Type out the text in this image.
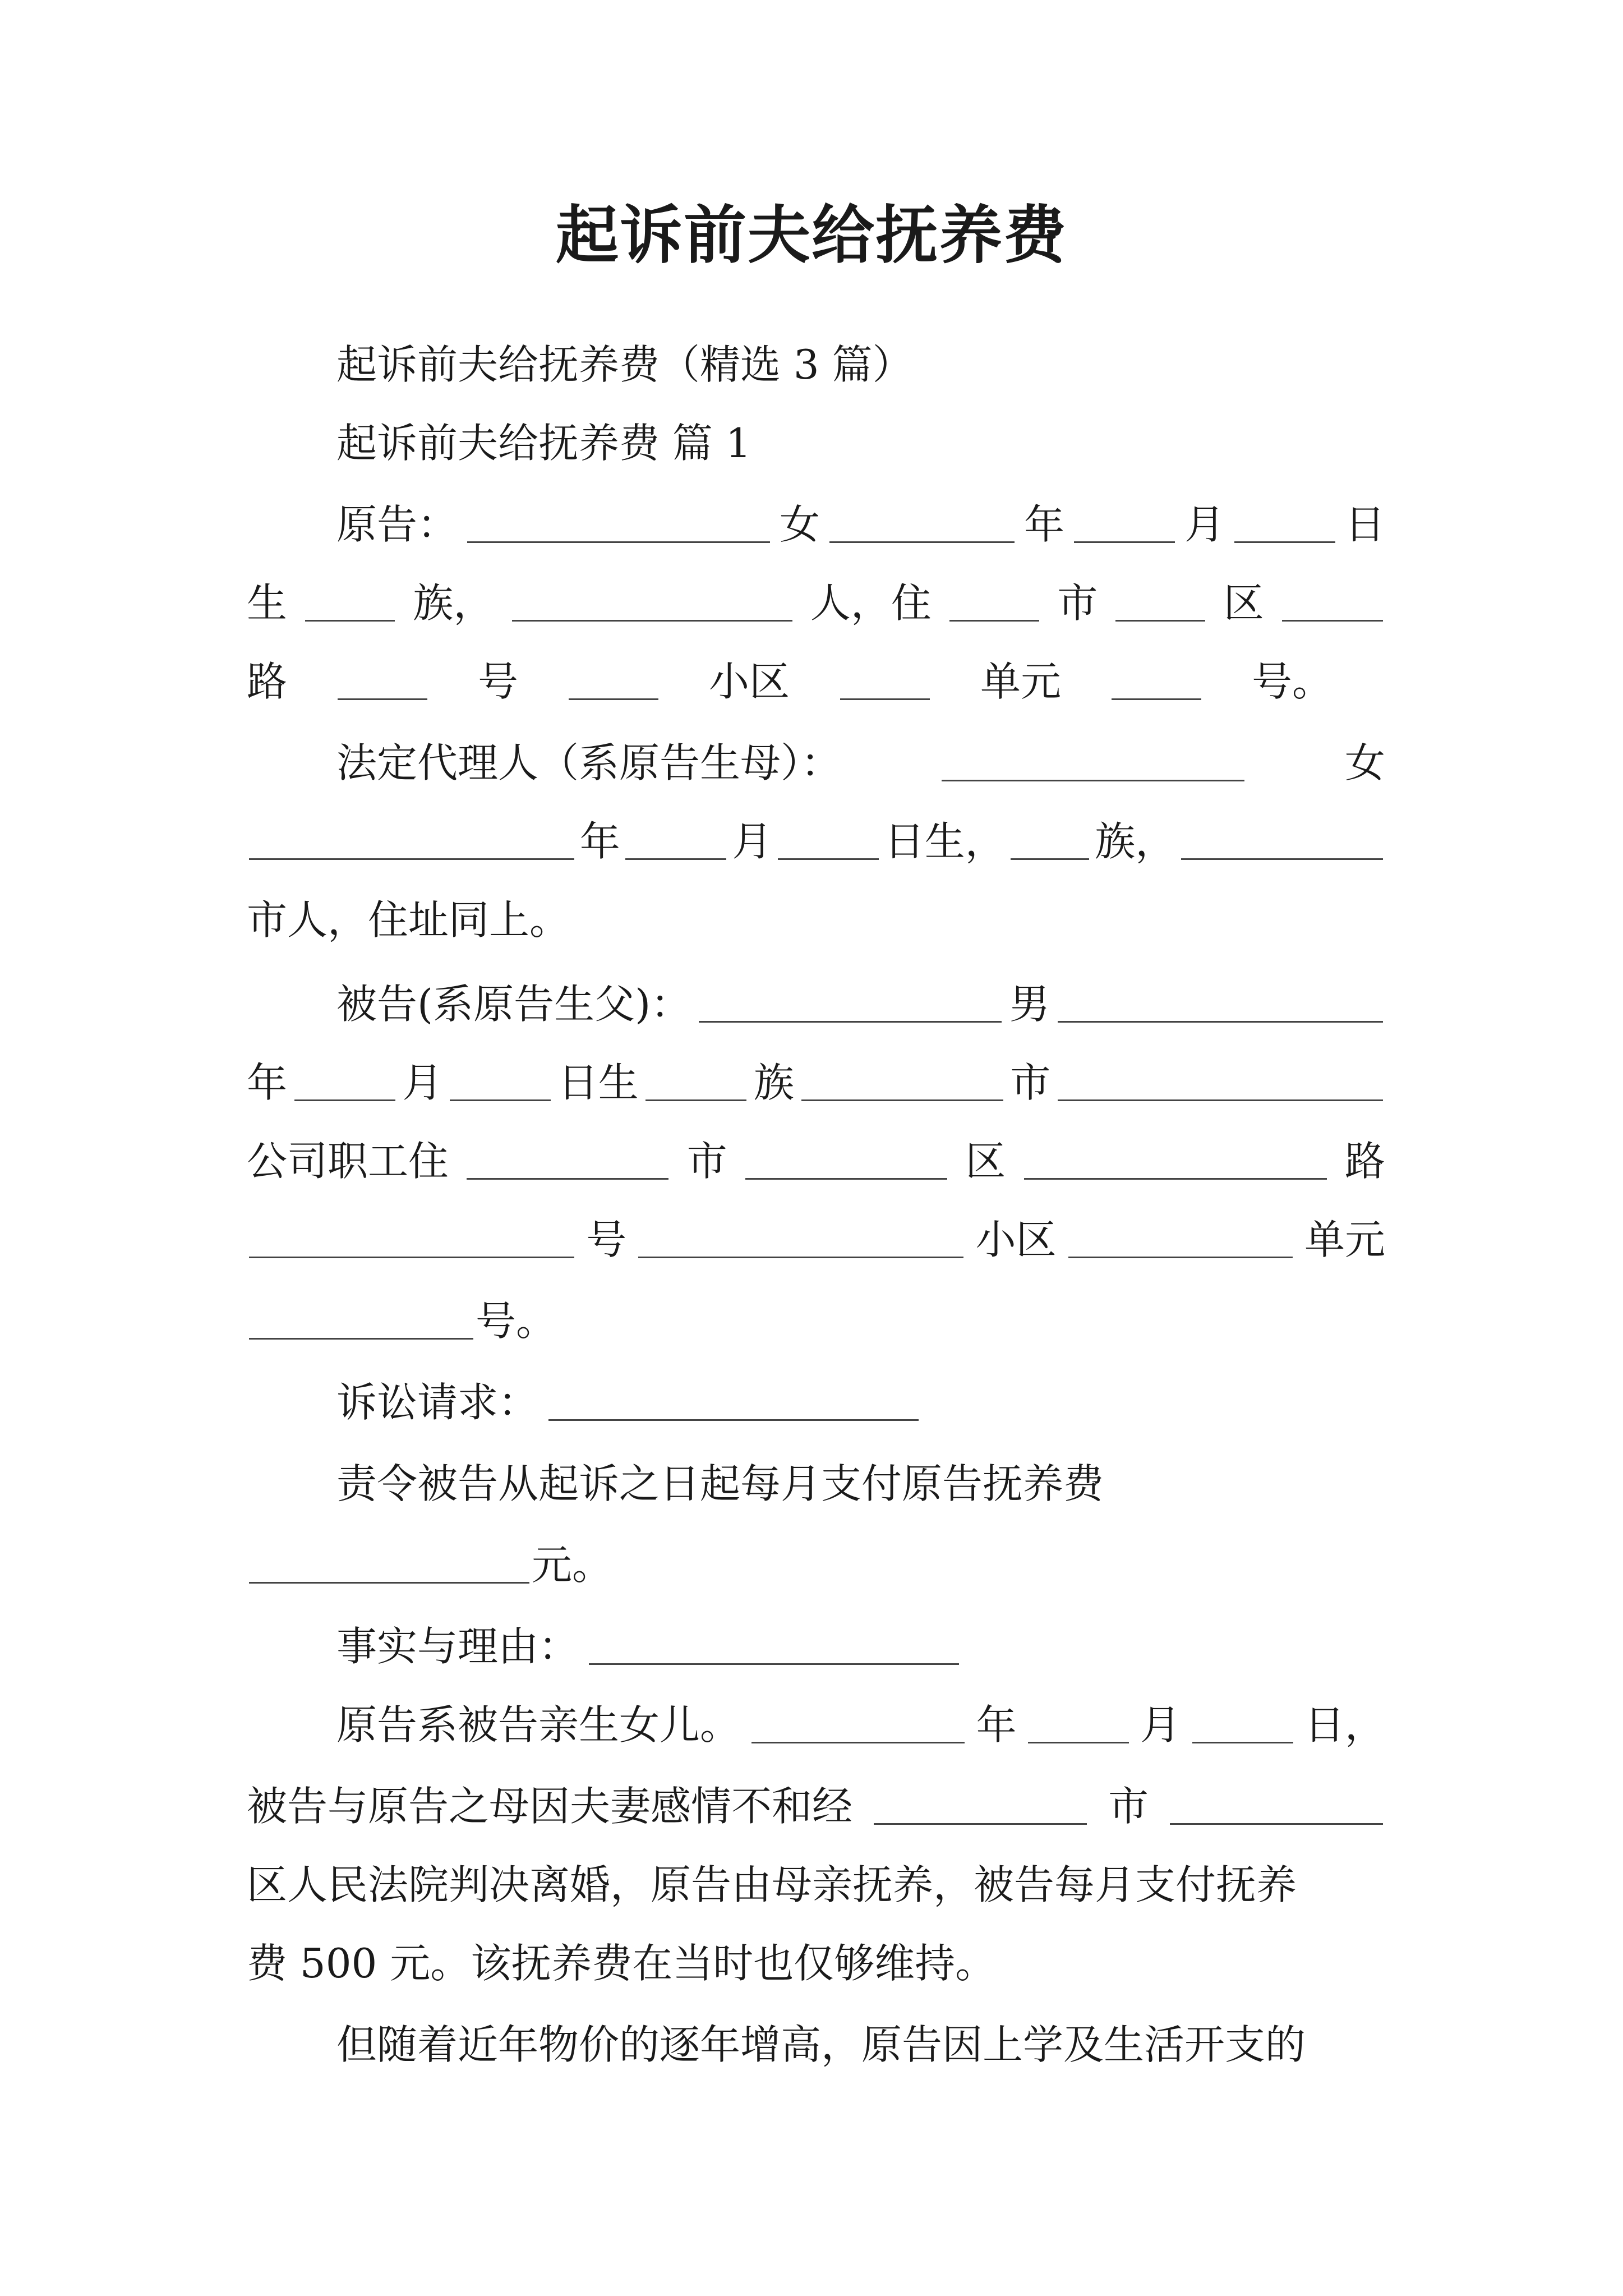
起诉前夫给抚养费
起诉前夫给抚养费（精选 3 篇）
起诉前夫给抚养费 篇 1
原告：	女	年	月	日
生	族，	人，住	市	区
路	号	小区	单元	号。
法定代理人（系原告生母）：	女
年	月	日生， 族，
市人，住址同上。
被告(系原告生父)：	男
年	月	日生	族	市
公司职工住	市	区	路
号	小区	单元
号。
诉讼请求：
责令被告从起诉之日起每月支付原告抚养费
元。
事实与理由：
原告系被告亲生女儿。	年	月	日，
被告与原告之母因夫妻感情不和经	市
区人民法院判决离婚，原告由母亲抚养，被告每月支付抚养
费 500 元。该抚养费在当时也仅够维持。
但随着近年物价的逐年增高，原告因上学及生活开支的
